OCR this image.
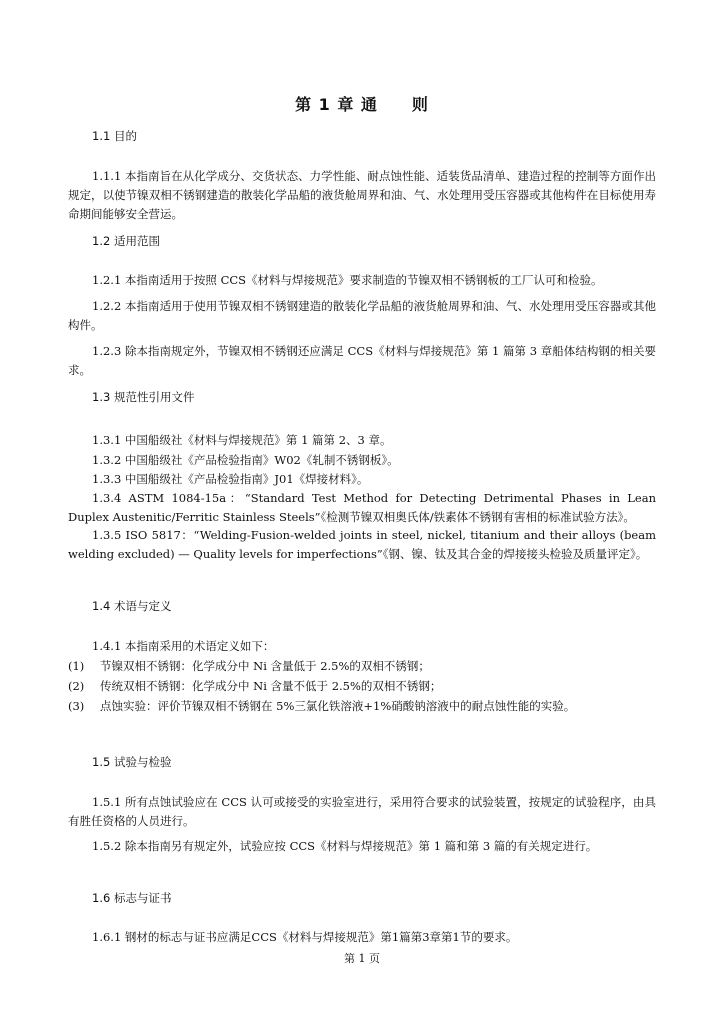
第 1 章 通 则
1.1 目的
1.1.1 本指南旨在从化学成分、交货状态、力学性能、耐点蚀性能、适装货品清单、建造过程的控制等方面作出规定，以使节镍双相不锈钢建造的散装化学品船的液货舱周界和油、气、水处理用受压容器或其他构件在目标使用寿命期间能够安全营运。
1.2 适用范围
1.2.1 本指南适用于按照 CCS《材料与焊接规范》要求制造的节镍双相不锈钢板的工厂认可和检验。
1.2.2 本指南适用于使用节镍双相不锈钢建造的散装化学品船的液货舱周界和油、气、水处理用受压容器或其他构件。
1.2.3 除本指南规定外，节镍双相不锈钢还应满足 CCS《材料与焊接规范》第 1 篇第 3 章船体结构钢的相关要求。
1.3 规范性引用文件
1.3.1 中国船级社《材料与焊接规范》第 1 篇第 2、3 章。
1.3.2 中国船级社《产品检验指南》W02《轧制不锈钢板》。
1.3.3 中国船级社《产品检验指南》J01《焊接材料》。
1.3.4 ASTM 1084-15a：“Standard Test Method for Detecting Detrimental Phases in Lean Duplex Austenitic/Ferritic Stainless Steels”《检测节镍双相奥氏体/铁素体不锈钢有害相的标准试验方法》。
1.3.5 ISO 5817：“Welding-Fusion-welded joints in steel, nickel, titanium and their alloys (beam welding excluded) — Quality levels for imperfections”《钢、镍、钛及其合金的焊接接头检验及质量评定》。
1.4 术语与定义
1.4.1 本指南采用的术语定义如下：
(1) 节镍双相不锈钢：化学成分中 Ni 含量低于 2.5%的双相不锈钢；
(2) 传统双相不锈钢：化学成分中 Ni 含量不低于 2.5%的双相不锈钢；
(3) 点蚀实验：评价节镍双相不锈钢在 5%三氯化铁溶液+1%硝酸钠溶液中的耐点蚀性能的实验。
1.5 试验与检验
1.5.1 所有点蚀试验应在 CCS 认可或接受的实验室进行，采用符合要求的试验装置，按规定的试验程序，由具有胜任资格的人员进行。
1.5.2 除本指南另有规定外，试验应按 CCS《材料与焊接规范》第 1 篇和第 3 篇的有关规定进行。
1.6 标志与证书
1.6.1 钢材的标志与证书应满足CCS《材料与焊接规范》第1篇第3章第1节的要求。
第 1 页
